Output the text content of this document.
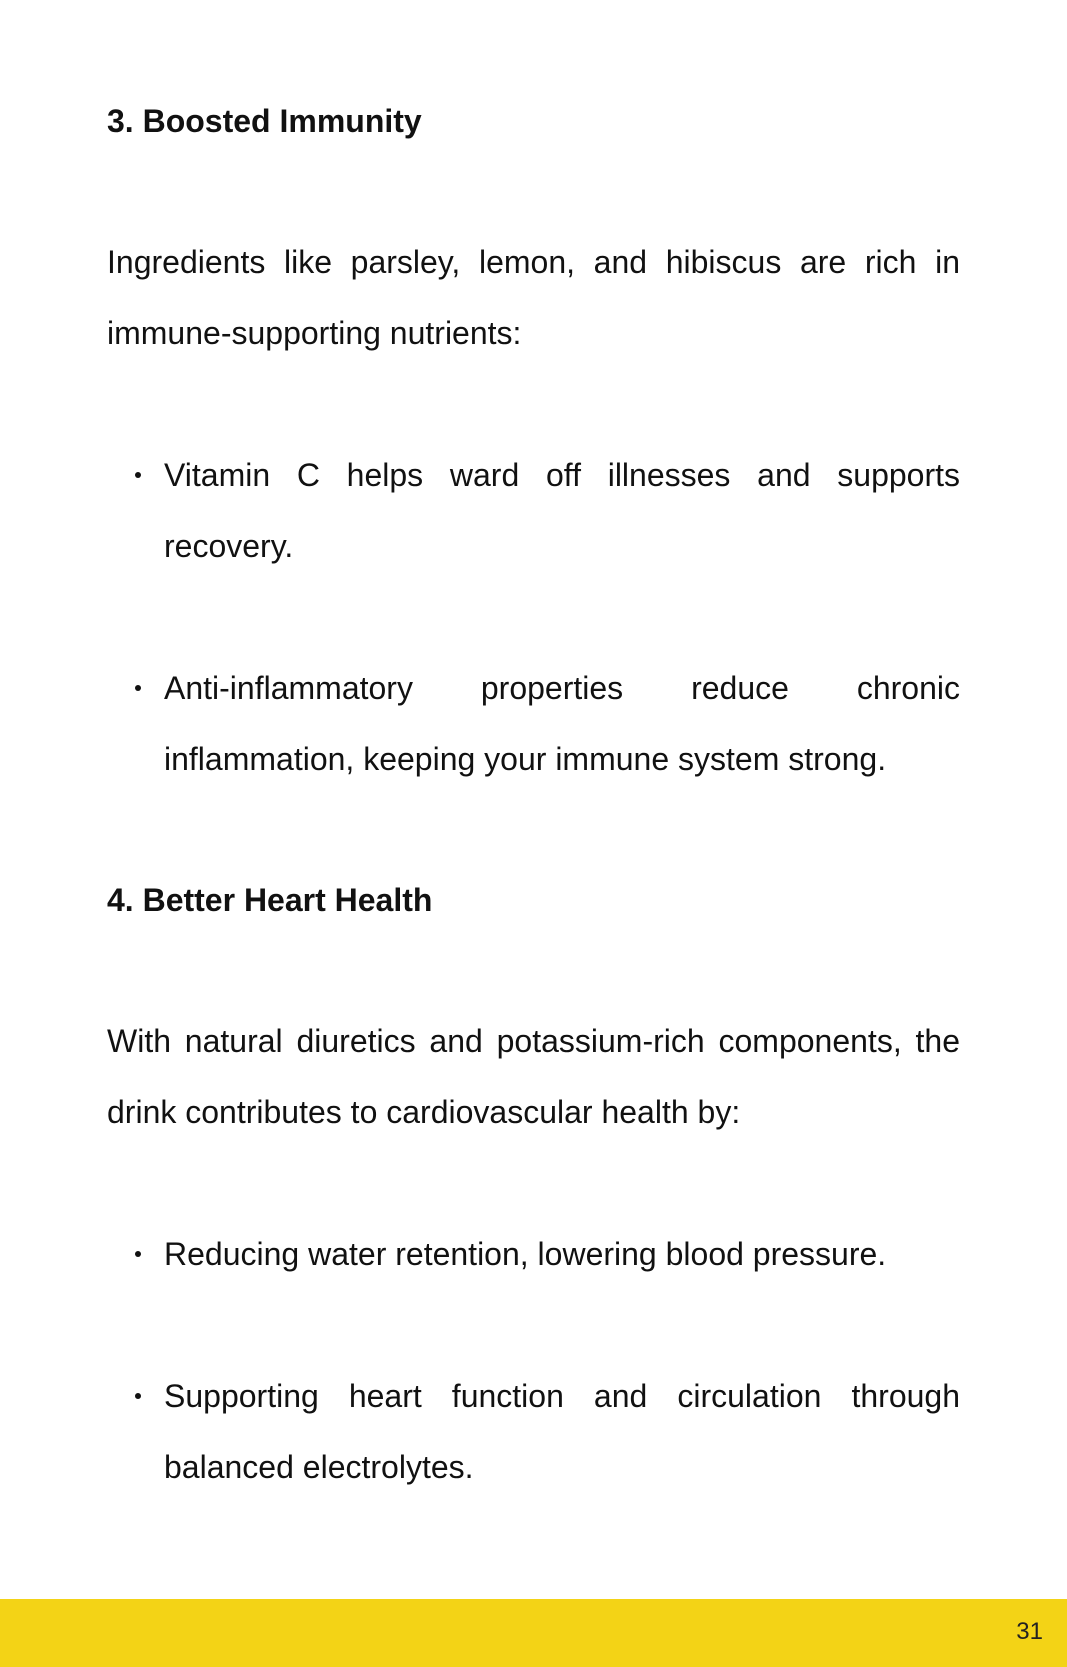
3. Boosted Immunity

Ingredients like parsley, lemon, and hibiscus are rich in immune-supporting nutrients:

Vitamin C helps ward off illnesses and supports recovery.

Anti-inflammatory properties reduce chronic inflammation, keeping your immune system strong.

4. Better Heart Health

With natural diuretics and potassium-rich components, the drink contributes to cardiovascular health by:

Reducing water retention, lowering blood pressure.

Supporting heart function and circulation through balanced electrolytes.

31
